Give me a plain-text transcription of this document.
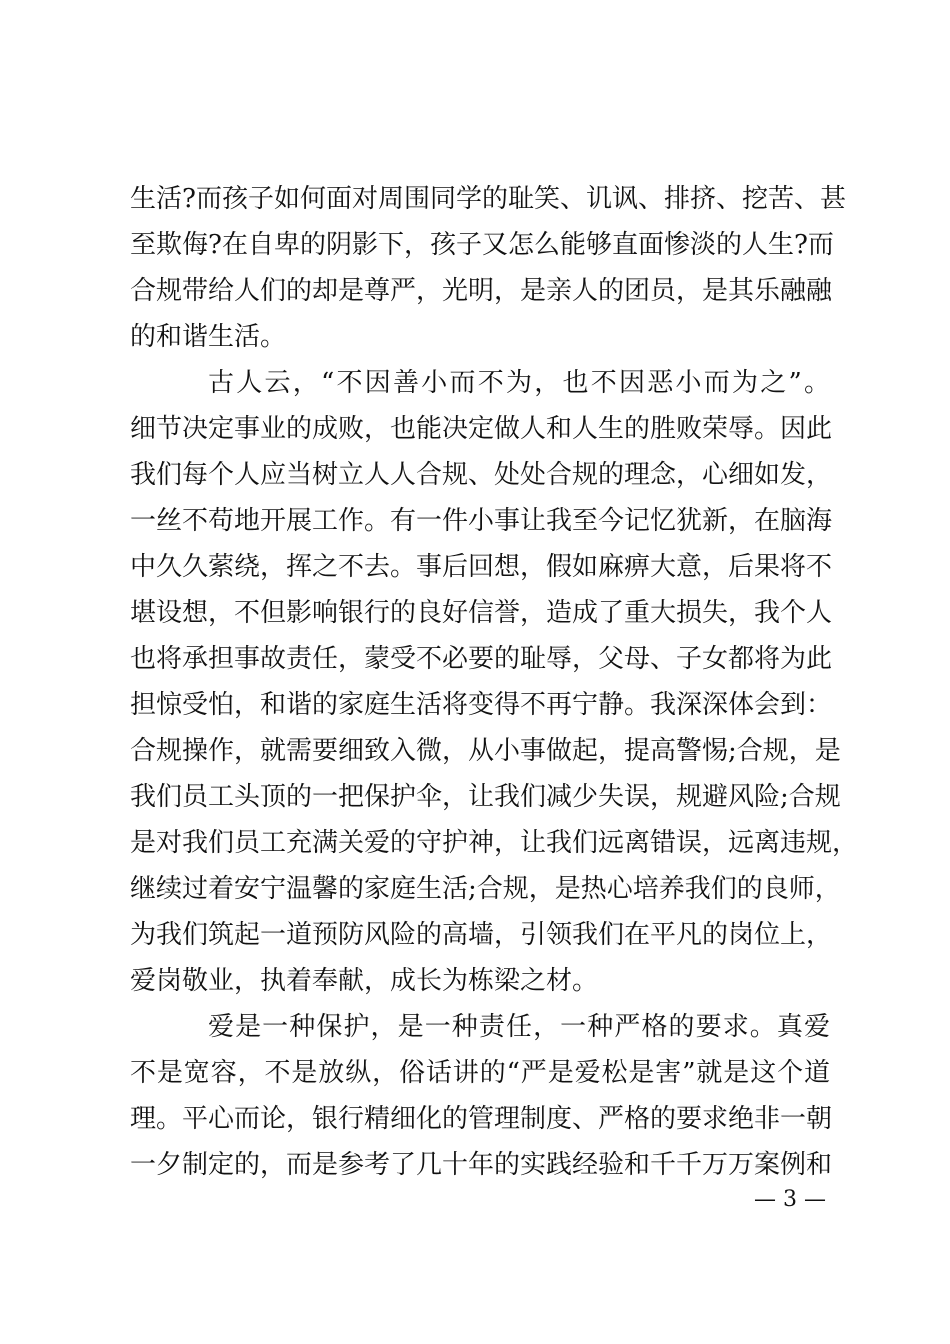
生活?而孩子如何面对周围同学的耻笑、讥讽、排挤、挖苦、甚
至欺侮?在自卑的阴影下，孩子又怎么能够直面惨淡的人生?而
合规带给人们的却是尊严，光明，是亲人的团员，是其乐融融
的和谐生活。
古人云，“不因善小而不为，也不因恶小而为之”。
细节决定事业的成败，也能决定做人和人生的胜败荣辱。因此
我们每个人应当树立人人合规、处处合规的理念，心细如发，
一丝不苟地开展工作。有一件小事让我至今记忆犹新，在脑海
中久久萦绕，挥之不去。事后回想，假如麻痹大意，后果将不
堪设想，不但影响银行的良好信誉，造成了重大损失，我个人
也将承担事故责任，蒙受不必要的耻辱，父母、子女都将为此
担惊受怕，和谐的家庭生活将变得不再宁静。我深深体会到：
合规操作，就需要细致入微，从小事做起，提高警惕;合规，是
我们员工头顶的一把保护伞，让我们减少失误，规避风险;合规
是对我们员工充满关爱的守护神，让我们远离错误，远离违规，
继续过着安宁温馨的家庭生活;合规，是热心培养我们的良师，
为我们筑起一道预防风险的高墙，引领我们在平凡的岗位上，
爱岗敬业，执着奉献，成长为栋梁之材。
爱是一种保护，是一种责任，一种严格的要求。真爱
不是宽容，不是放纵，俗话讲的“严是爱松是害”就是这个道
理。平心而论，银行精细化的管理制度、严格的要求绝非一朝
一夕制定的，而是参考了几十年的实践经验和千千万万案例和
— 3 —
